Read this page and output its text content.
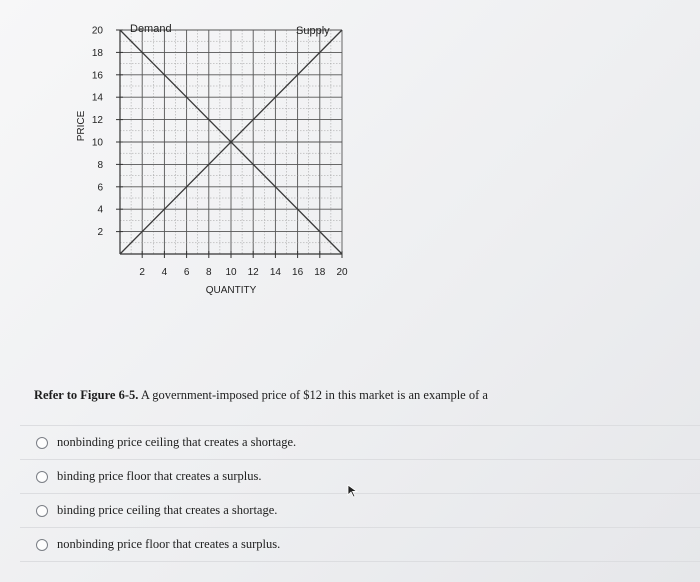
2
4
6
8
10
12
14
16
18
20
2 4 6 8 10 12 14 16 18 20
QUANTITY
PRICE
Demand	Supply
Refer to Figure 6-5. A government-imposed price of $12 in this market is an example of a
nonbinding price ceiling that creates a shortage.
binding price floor that creates a surplus.
binding price ceiling that creates a shortage.
nonbinding price floor that creates a surplus.
